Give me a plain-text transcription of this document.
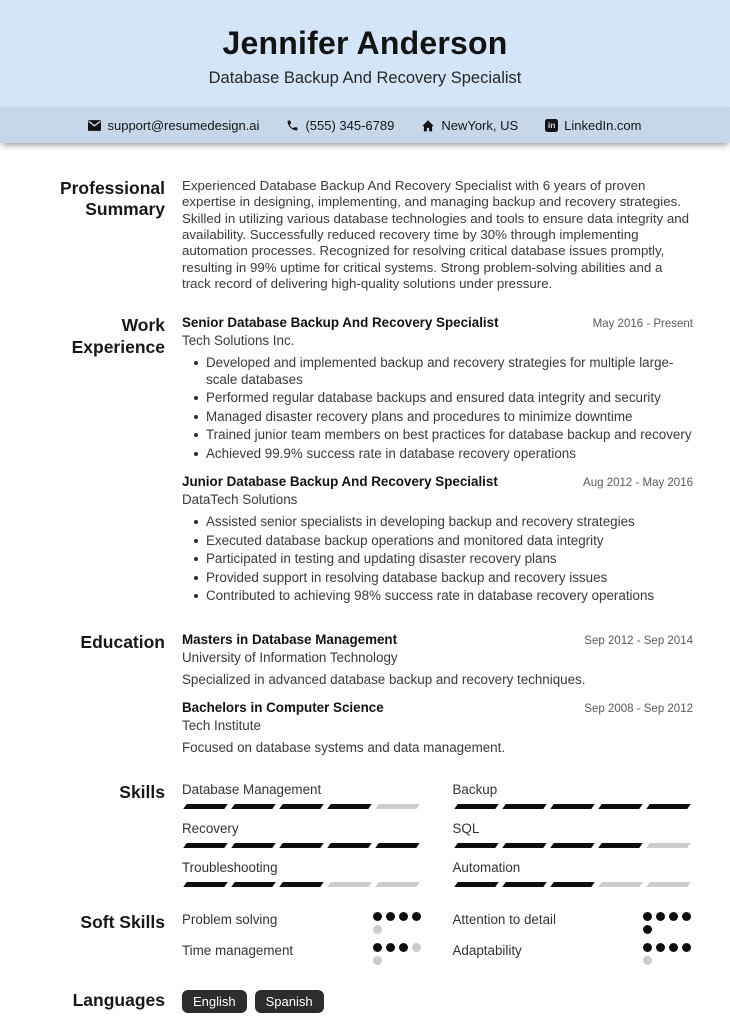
Jennifer Anderson
Database Backup And Recovery Specialist
support@resumedesign.ai	(555) 345-6789	NewYork, US	in LinkedIn.com
Professional Summary

Experienced Database Backup And Recovery Specialist with 6 years of proven expertise in designing, implementing, and managing backup and recovery strategies. Skilled in utilizing various database technologies and tools to ensure data integrity and availability. Successfully reduced recovery time by 30% through implementing automation processes. Recognized for resolving critical database issues promptly, resulting in 99% uptime for critical systems. Strong problem-solving abilities and a track record of delivering high-quality solutions under pressure.

Work Experience
Senior Database Backup And Recovery Specialist	May 2016 - Present
Tech Solutions Inc.
Developed and implemented backup and recovery strategies for multiple large-scale databases
Performed regular database backups and ensured data integrity and security
Managed disaster recovery plans and procedures to minimize downtime
Trained junior team members on best practices for database backup and recovery
Achieved 99.9% success rate in database recovery operations
Junior Database Backup And Recovery Specialist	Aug 2012 - May 2016
DataTech Solutions
Assisted senior specialists in developing backup and recovery strategies
Executed database backup operations and monitored data integrity
Participated in testing and updating disaster recovery plans
Provided support in resolving database backup and recovery issues
Contributed to achieving 98% success rate in database recovery operations
Education Masters in Database Management	Sep 2012 - Sep 2014
University of Information Technology
Specialized in advanced database backup and recovery techniques.
Bachelors in Computer Science	Sep 2008 - Sep 2012
Tech Institute
Focused on database systems and data management.
Skills Database Management	Backup
Recovery	SQL
Troubleshooting	Automation
Soft Skills Problem solving	Attention to detail
Time management	Adaptability
Languages	English	Spanish
